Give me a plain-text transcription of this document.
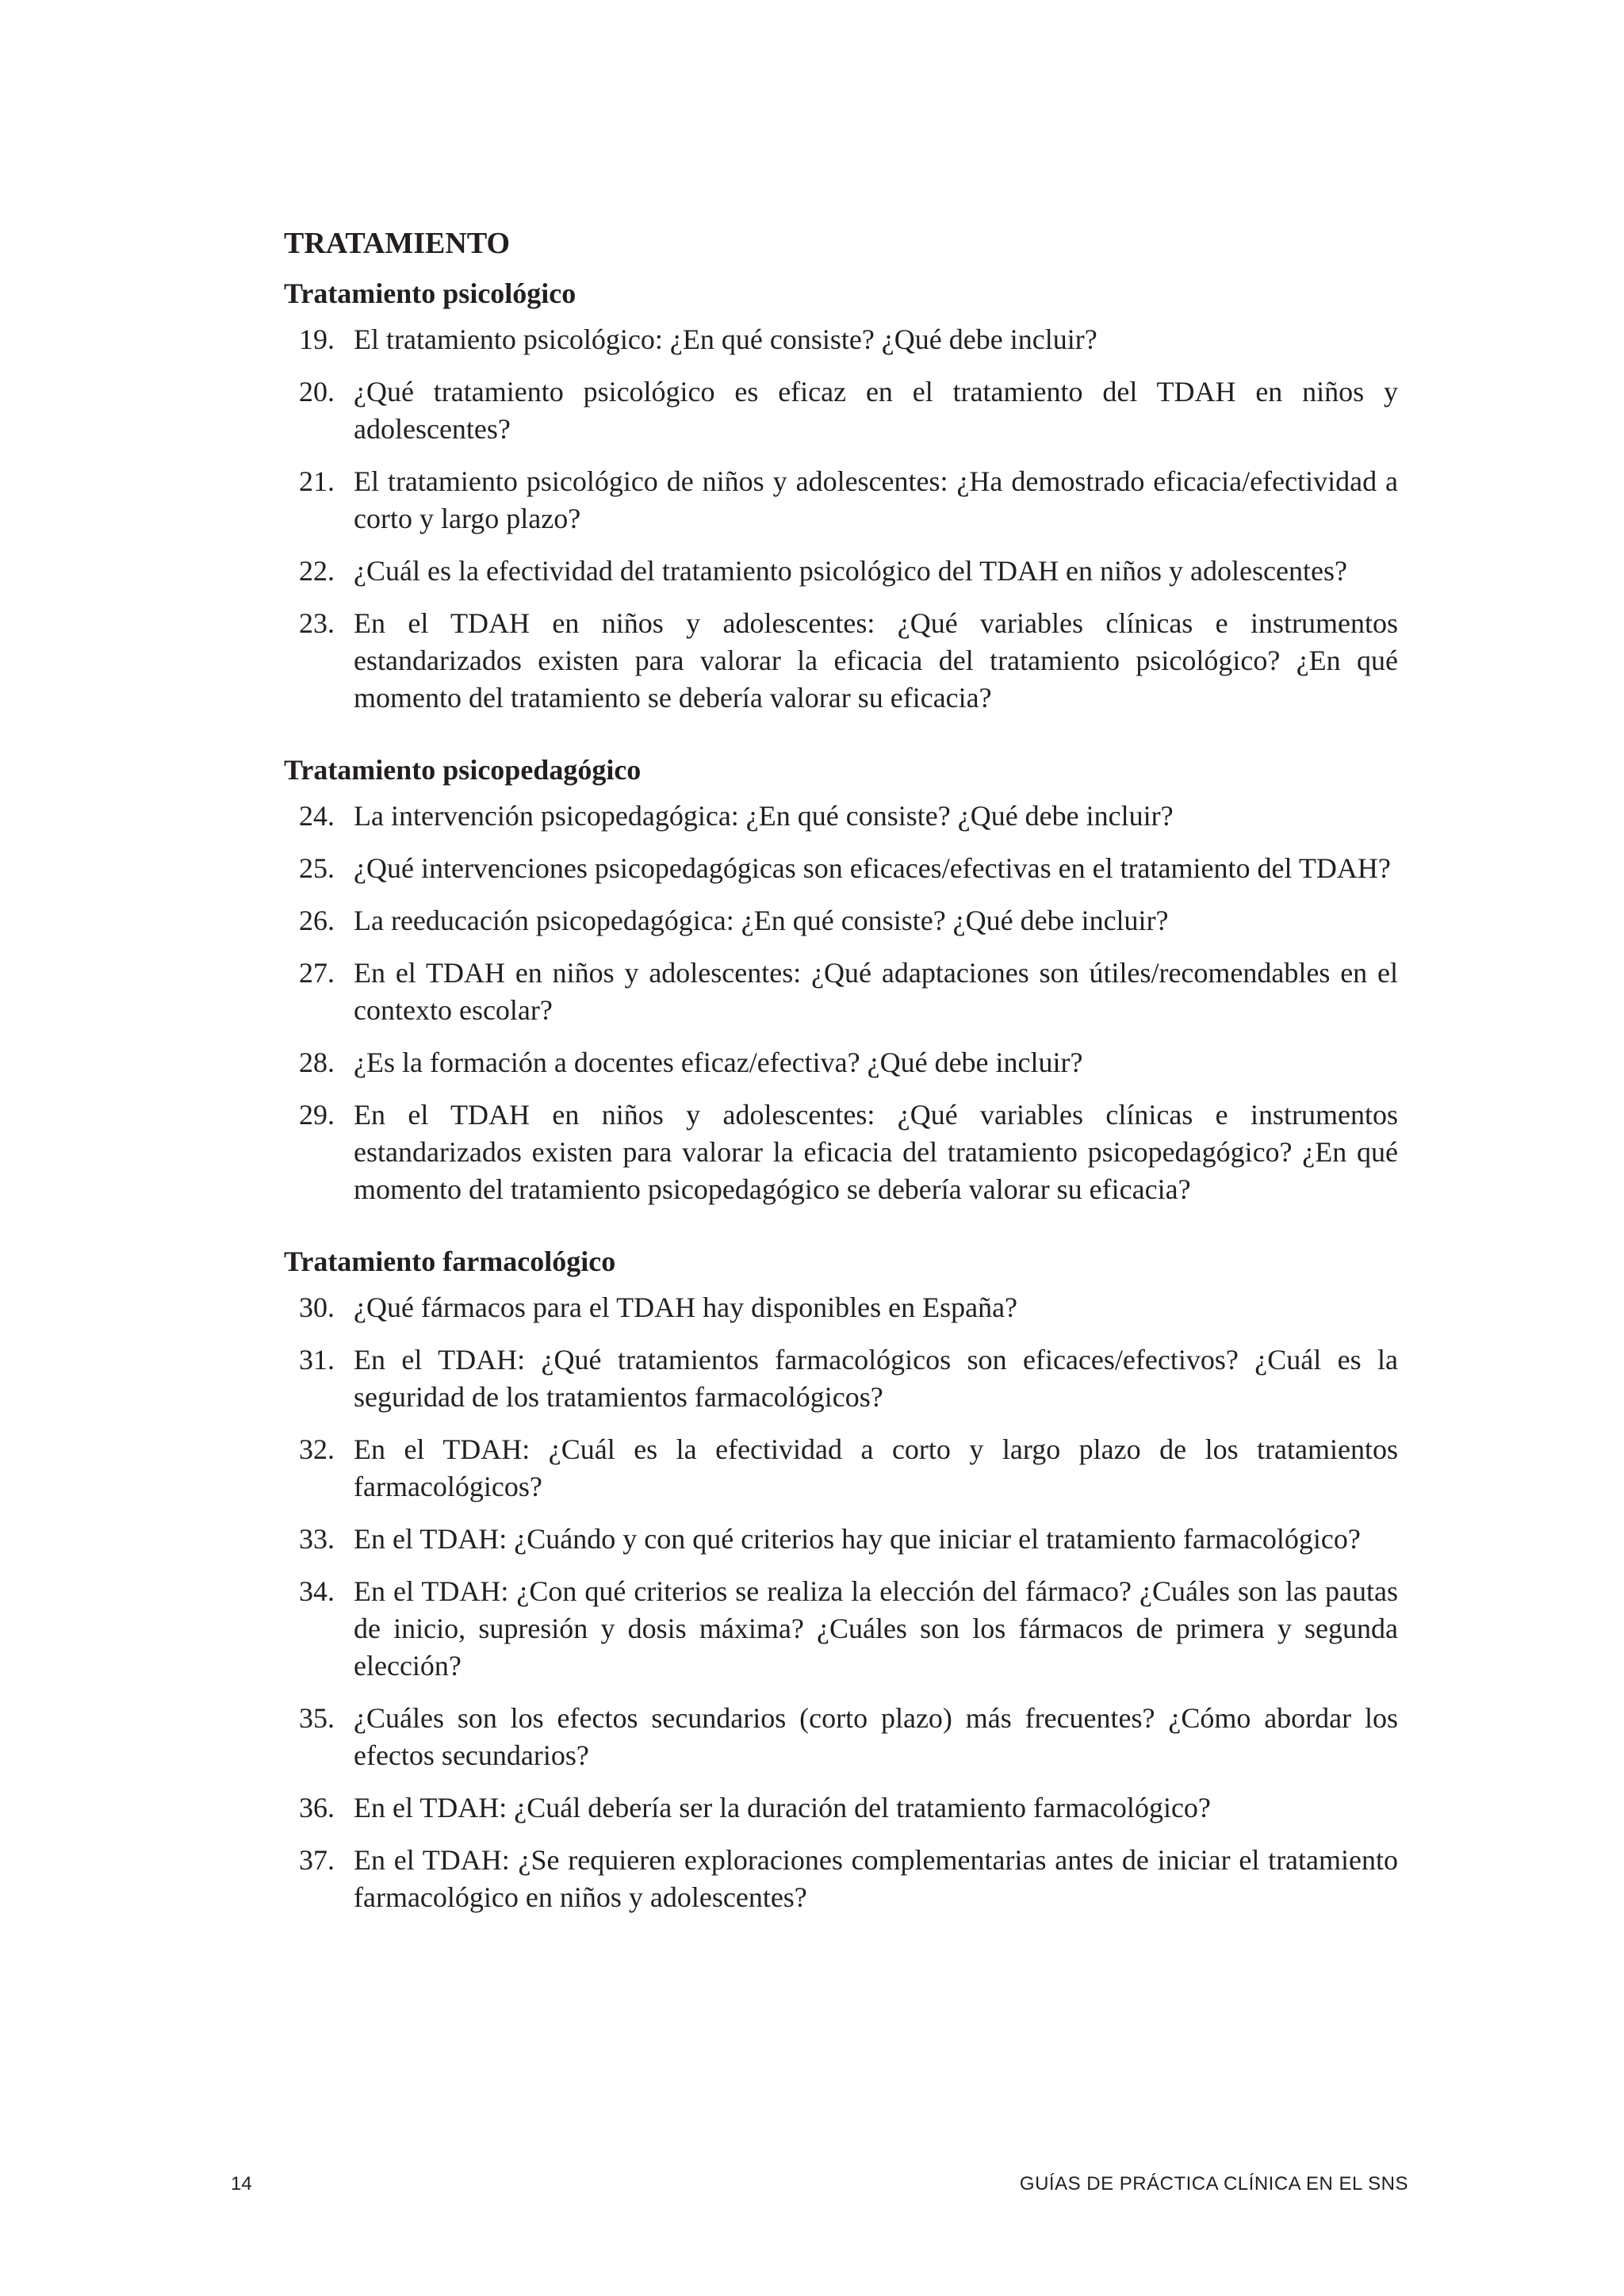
TRATAMIENTO
Tratamiento psicológico
19. El tratamiento psicológico: ¿En qué consiste? ¿Qué debe incluir?
20. ¿Qué tratamiento psicológico es eficaz en el tratamiento del TDAH en niños y adolescentes?
21. El tratamiento psicológico de niños y adolescentes: ¿Ha demostrado eficacia/efectividad a corto y largo plazo?
22. ¿Cuál es la efectividad del tratamiento psicológico del TDAH en niños y adolescentes?
23. En el TDAH en niños y adolescentes: ¿Qué variables clínicas e instrumentos estandarizados existen para valorar la eficacia del tratamiento psicológico? ¿En qué momento del tratamiento se debería valorar su eficacia?
Tratamiento psicopedagógico
24. La intervención psicopedagógica: ¿En qué consiste? ¿Qué debe incluir?
25. ¿Qué intervenciones psicopedagógicas son eficaces/efectivas en el tratamiento del TDAH?
26. La reeducación psicopedagógica: ¿En qué consiste? ¿Qué debe incluir?
27. En el TDAH en niños y adolescentes: ¿Qué adaptaciones son útiles/recomendables en el contexto escolar?
28. ¿Es la formación a docentes eficaz/efectiva? ¿Qué debe incluir?
29. En el TDAH en niños y adolescentes: ¿Qué variables clínicas e instrumentos estandarizados existen para valorar la eficacia del tratamiento psicopedagógico? ¿En qué momento del tratamiento psicopedagógico se debería valorar su eficacia?
Tratamiento farmacológico
30. ¿Qué fármacos para el TDAH hay disponibles en España?
31. En el TDAH: ¿Qué tratamientos farmacológicos son eficaces/efectivos? ¿Cuál es la seguridad de los tratamientos farmacológicos?
32. En el TDAH: ¿Cuál es la efectividad a corto y largo plazo de los tratamientos farmacológicos?
33. En el TDAH: ¿Cuándo y con qué criterios hay que iniciar el tratamiento farmacológico?
34. En el TDAH: ¿Con qué criterios se realiza la elección del fármaco? ¿Cuáles son las pautas de inicio, supresión y dosis máxima? ¿Cuáles son los fármacos de primera y segunda elección?
35. ¿Cuáles son los efectos secundarios (corto plazo) más frecuentes? ¿Cómo abordar los efectos secundarios?
36. En el TDAH: ¿Cuál debería ser la duración del tratamiento farmacológico?
37. En el TDAH: ¿Se requieren exploraciones complementarias antes de iniciar el tratamiento farmacológico en niños y adolescentes?
14	GUÍAS DE PRÁCTICA CLÍNICA EN EL SNS
